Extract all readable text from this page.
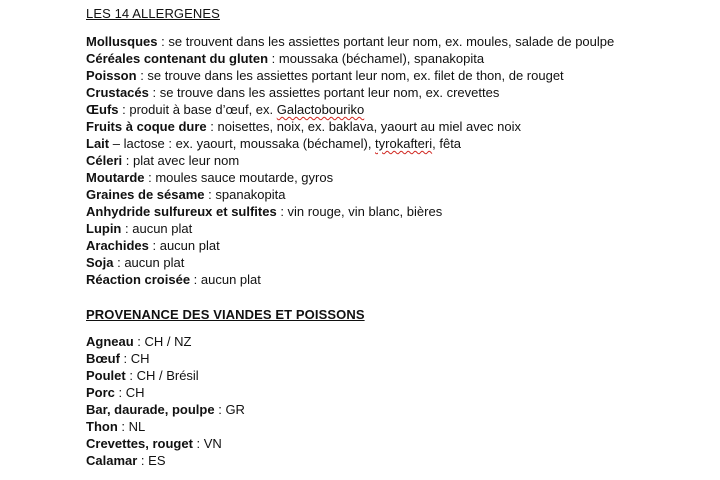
LES 14 ALLERGENES
Mollusques : se trouvent dans les assiettes portant leur nom, ex. moules, salade de poulpe
Céréales contenant du gluten : moussaka (béchamel), spanakopita
Poisson : se trouve dans les assiettes portant leur nom, ex. filet de thon, de rouget
Crustacés : se trouve dans les assiettes portant leur nom, ex. crevettes
Œufs : produit à base d’œuf, ex. Galactobouriko
Fruits à coque dure : noisettes, noix, ex. baklava, yaourt au miel avec noix
Lait – lactose : ex. yaourt, moussaka (béchamel), tyrokafteri, fêta
Céleri : plat avec leur nom
Moutarde : moules sauce moutarde, gyros
Graines de sésame : spanakopita
Anhydride sulfureux et sulfites : vin rouge, vin blanc, bières
Lupin : aucun plat
Arachides : aucun plat
Soja : aucun plat
Réaction croisée : aucun plat
PROVENANCE DES VIANDES ET POISSONS
Agneau : CH / NZ
Bœuf : CH
Poulet : CH / Brésil
Porc : CH
Bar, daurade, poulpe : GR
Thon : NL
Crevettes, rouget : VN
Calamar : ES
